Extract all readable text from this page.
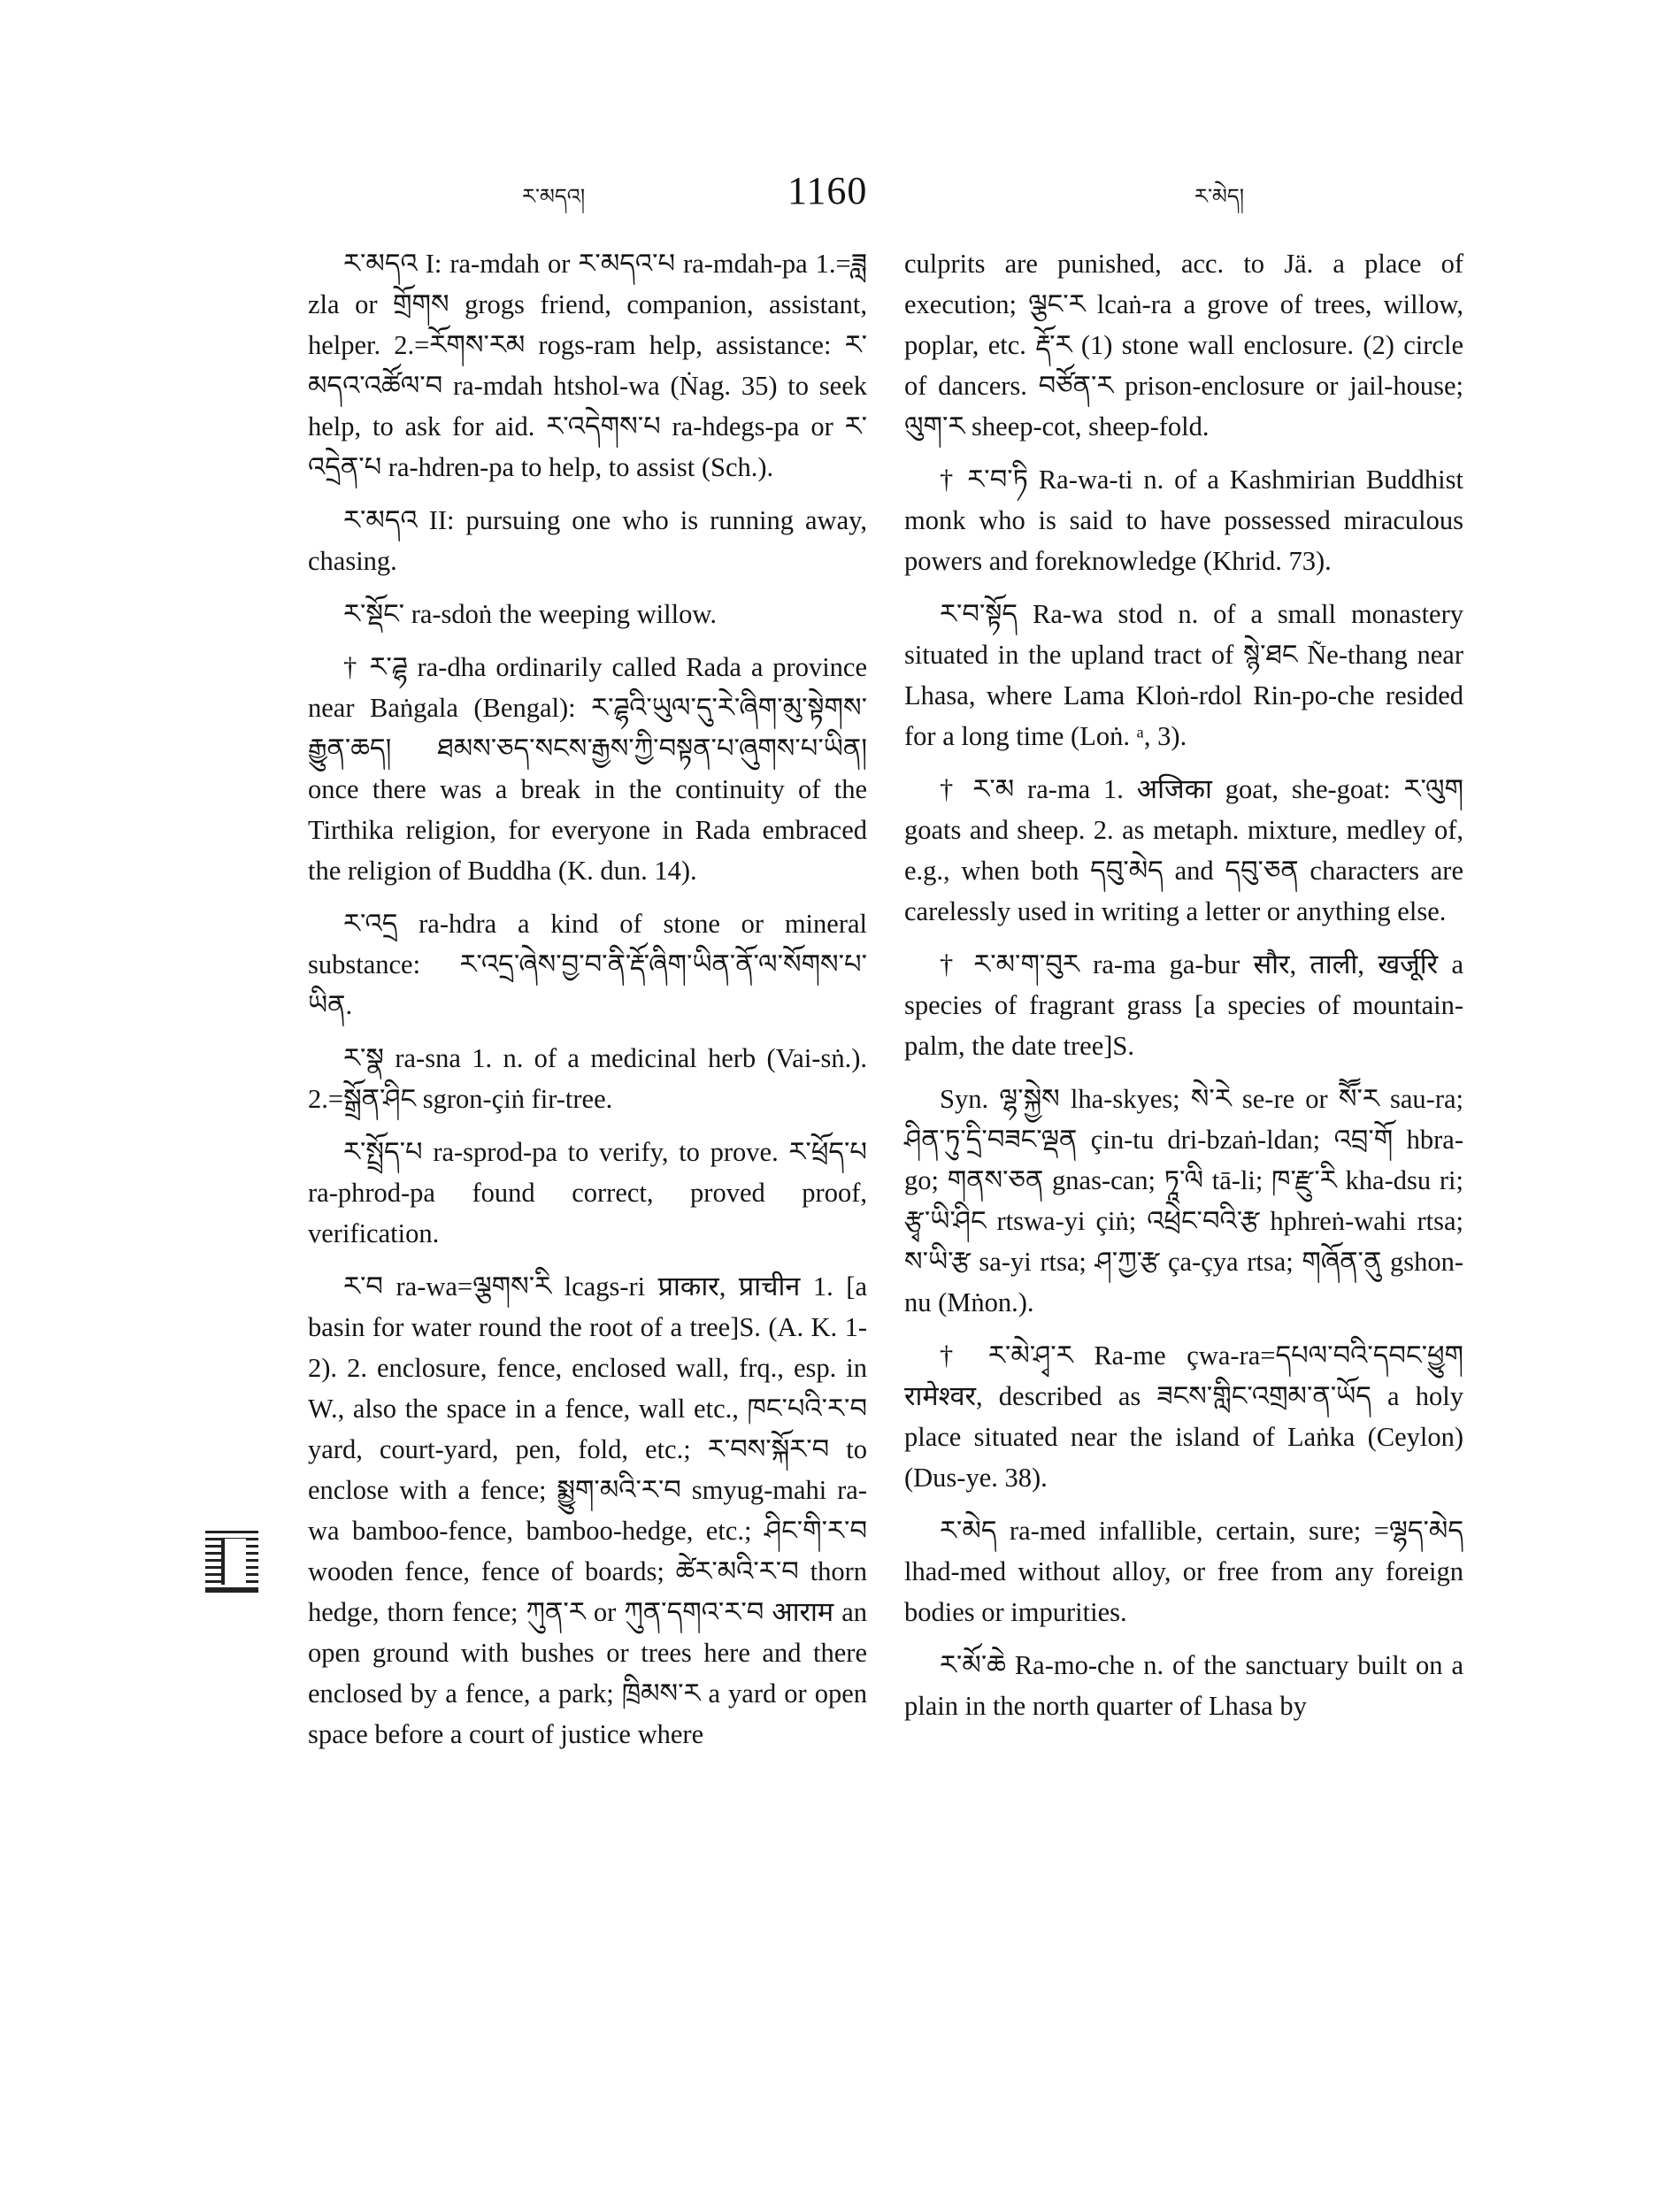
ར་མདའ།	1160	ར་མེད།

ར་མདའ I: ra-mdah or ར་མདའ་པ ra-mdah-pa 1.=ཟླ zla or གྲོགས grogs friend, companion, assistant, helper. 2.=རོགས་རམ rogs-ram help, assistance: ར་མདའ་འཚོལ་བ ra-mdah htshol-wa (Ṅag. 35) to seek help, to ask for aid. ར་འདེགས་པ ra-hdegs-pa or ར་འདྲེན་པ ra-hdren-pa to help, to assist (Sch.).

ར་མདའ II: pursuing one who is running away, chasing.

ར་སྡོང་ ra-sdoṅ the weeping willow.

† ར་ཌྷ ra-dha ordinarily called Rada a province near Baṅgala (Bengal): ར་ཌྷའི་ཡུལ་དུ་རེ་ཞིག་མུ་སྟེགས་རྒྱུན་ཆད། ཐམས་ཅད་སངས་རྒྱས་ཀྱི་བསྟན་པ་ཞུགས་པ་ཡིན། once there was a break in the continuity of the Tirthika religion, for everyone in Rada embraced the religion of Buddha (K. dun. 14).

ར་འདྲ ra-hdra a kind of stone or mineral substance: ར་འདྲ་ཞེས་བྱ་བ་ནི་རྡོ་ཞིག་ཡིན་ནོ་ལ་སོགས་པ་ཡིན.

ར་སྣ ra-sna 1. n. of a medicinal herb (Vai-sṅ.). 2.=སྒྲོན་ཤིང sgron-çiṅ fir-tree.

ར་སྤྲོད་པ ra-sprod-pa to verify, to prove. ར་ཕྲོད་པ ra-phrod-pa found correct, proved proof, verification.

ར་བ ra-wa=ལྕགས་རི lcags-ri प्राकार, प्राचीन 1. [a basin for water round the root of a tree]S. (A. K. 1-2). 2. enclosure, fence, enclosed wall, frq., esp. in W., also the space in a fence, wall etc., ཁང་པའི་ར་བ yard, court-yard, pen, fold, etc.; ར་བས་སྐོར་བ to enclose with a fence; སྨྱུག་མའི་ར་བ smyug-mahi ra-wa bamboo-fence, bamboo-hedge, etc.; ཤིང་གི་ར་བ wooden fence, fence of boards; ཚེར་མའི་ར་བ thorn hedge, thorn fence; ཀུན་ར or ཀུན་དགའ་ར་བ आराम an open ground with bushes or trees here and there enclosed by a fence, a park; ཁྲིམས་ར a yard or open space before a court of justice where

culprits are punished, acc. to Jä. a place of execution; ལྕང་ར lcaṅ-ra a grove of trees, willow, poplar, etc. རྡོ་ར (1) stone wall enclosure. (2) circle of dancers. བཙོན་ར prison-enclosure or jail-house; ལུག་ར sheep-cot, sheep-fold.

† ར་བ་ཏི Ra-wa-ti n. of a Kashmirian Buddhist monk who is said to have possessed miraculous powers and foreknowledge (Khrid. 73).

ར་བ་སྟོད Ra-wa stod n. of a small monastery situated in the upland tract of སྙེ་ཐང Ñe-thang near Lhasa, where Lama Kloṅ-rdol Rin-po-che resided for a long time (Loṅ. ᵃ, 3).

† ར་མ ra-ma 1. अजिका goat, she-goat: ར་ལུག goats and sheep. 2. as metaph. mixture, medley of, e.g., when both དབུ་མེད and དབུ་ཅན characters are carelessly used in writing a letter or anything else.

† ར་མ་ག་བུར ra-ma ga-bur सौर, ताली, खर्जूरि a species of fragrant grass [a species of mountain-palm, the date tree]S.

Syn. ལྷ་སྐྱེས lha-skyes; སེ་རེ se-re or སཽ་ར sau-ra; ཤིན་ཏུ་དྲི་བཟང་ལྡན çin-tu dri-bzaṅ-ldan; འབྲ་གོ hbra-go; གནས་ཅན gnas-can; ཏཱ་ལི tā-li; ཁ་རྫུ་རི kha-dsu ri; རྩྭ་ཡི་ཤིང rtswa-yi çiṅ; འཕྲེང་བའི་རྩ hphreṅ-wahi rtsa; ས་ཡི་རྩ sa-yi rtsa; ཤ་ཀྱ་རྩ ça-çya rtsa; གཞོན་ནུ gshon-nu (Mṅon.).

† ར་མེ་ཤྭ་ར Ra-me çwa-ra=དཔལ་བའི་དབང་ཕྱུག रामेश्वर, described as ཟངས་གླིང་འགྲམ་ན་ཡོད a holy place situated near the island of Laṅka (Ceylon) (Dus-ye. 38).

ར་མེད ra-med infallible, certain, sure; =ལྷད་མེད lhad-med without alloy, or free from any foreign bodies or impurities.

ར་མོ་ཆེ Ra-mo-che n. of the sanctuary built on a plain in the north quarter of Lhasa by
